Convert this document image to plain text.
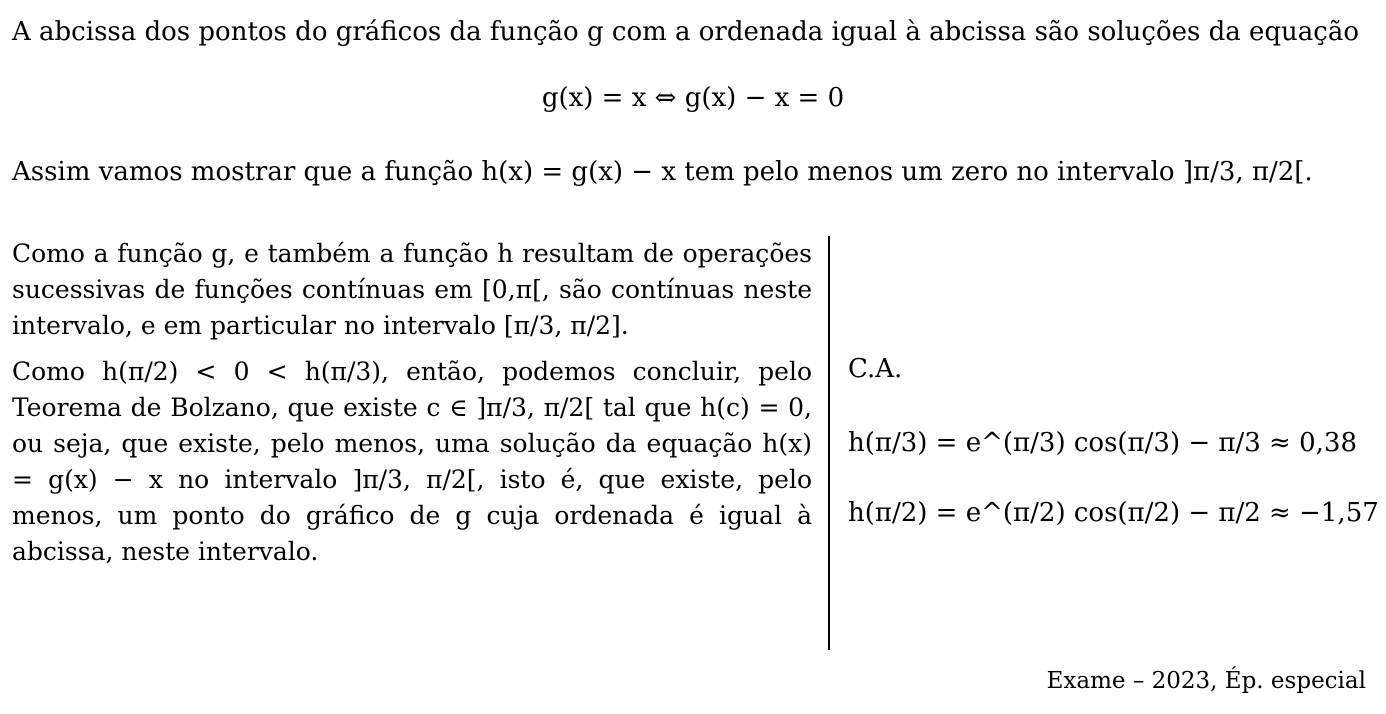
A abcissa dos pontos do gráficos da função g com a ordenada igual à abcissa são soluções da equação
g(x) = x ⇔ g(x) − x = 0
Assim vamos mostrar que a função h(x) = g(x) − x tem pelo menos um zero no intervalo ]π/3, π/2[.

Como a função g, e também a função h resultam de operações sucessivas de funções contínuas em [0,π[, são contínuas neste intervalo, e em particular no intervalo [π/3, π/2].

Como h(π/2) < 0 < h(π/3), então, podemos concluir, pelo Teorema de Bolzano, que existe c ∈ ]π/3, π/2[ tal que h(c) = 0, ou seja, que existe, pelo menos, uma solução da equação h(x) = g(x) − x no intervalo ]π/3, π/2[, isto é, que existe, pelo menos, um ponto do gráfico de g cuja ordenada é igual à abcissa, neste intervalo.

C.A.
h(π/3) = e^(π/3) cos(π/3) − π/3 ≈ 0,38
h(π/2) = e^(π/2) cos(π/2) − π/2 ≈ −1,57
Exame – 2023, Ép. especial
